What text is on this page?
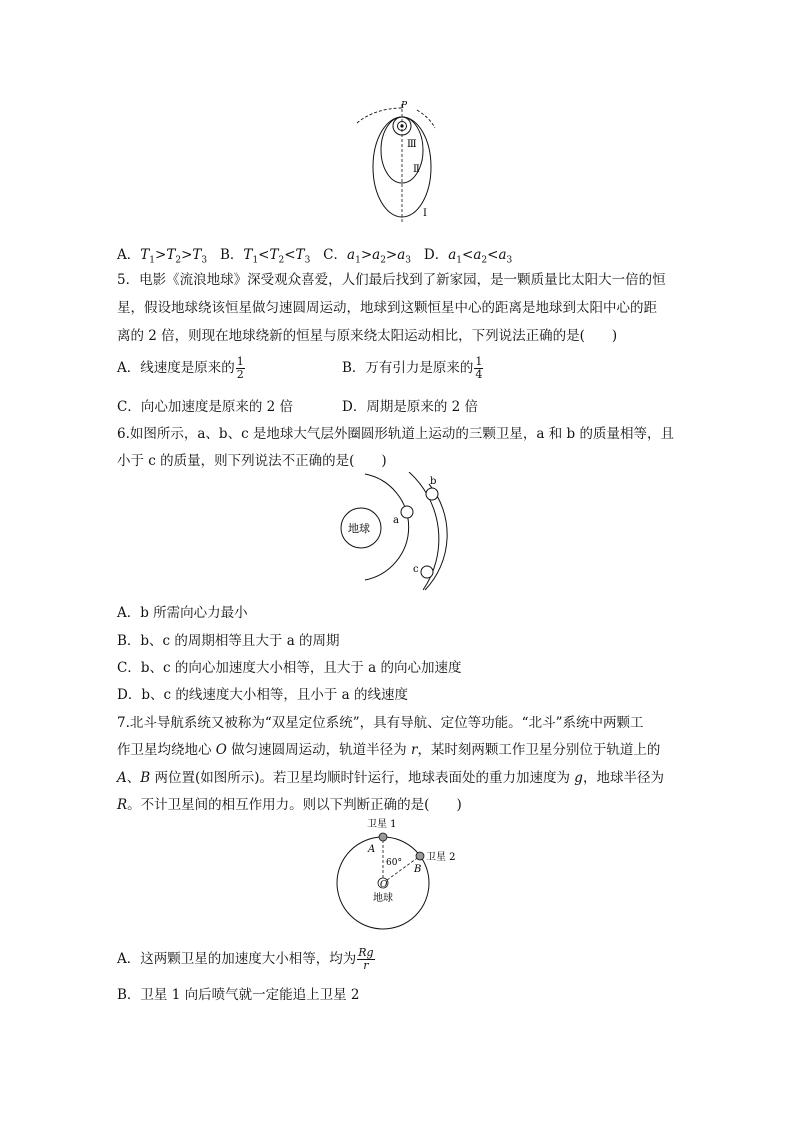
P
Ⅲ
Ⅱ
Ⅰ
A．$T_1>T_2>T_3$ B．$T_1<T_2<T_3$ C．$a_1>a_2>a_3$ D．$a_1<a_2<a_3$
5．电影《流浪地球》深受观众喜爱，人们最后找到了新家园，是一颗质量比太阳大一倍的恒
星，假设地球绕该恒星做匀速圆周运动，地球到这颗恒星中心的距离是地球到太阳中心的距
离的 2 倍，则现在地球绕新的恒星与原来绕太阳运动相比，下列说法正确的是(　　)
A．线速度是原来的 $\frac{1}{2}$	B．万有引力是原来的 $\frac{1}{4}$
C．向心加速度是原来的 2 倍	D．周期是原来的 2 倍
6.如图所示，a、b、c 是地球大气层外圈圆形轨道上运动的三颗卫星，a 和 b 的质量相等，且
小于 c 的质量，则下列说法不正确的是(　　)
地球
a
b
c
A．b 所需向心力最小
B．b、c 的周期相等且大于 a 的周期
C．b、c 的向心加速度大小相等，且大于 a 的向心加速度
D．b、c 的线速度大小相等，且小于 a 的线速度
7.北斗导航系统又被称为“双星定位系统”，具有导航、定位等功能。“北斗”系统中两颗工
作卫星均绕地心 O 做匀速圆周运动，轨道半径为 r，某时刻两颗工作卫星分别位于轨道上的
A、B 两位置(如图所示)。若卫星均顺时针运行，地球表面处的重力加速度为 g，地球半径为
R。不计卫星间的相互作用力。则以下判断正确的是(　　)
卫星 1
卫星 2
A
B
60°
O
地球
A．这两颗卫星的加速度大小相等，均为 $\frac{Rg}{r}$
B．卫星 1 向后喷气就一定能追上卫星 2
